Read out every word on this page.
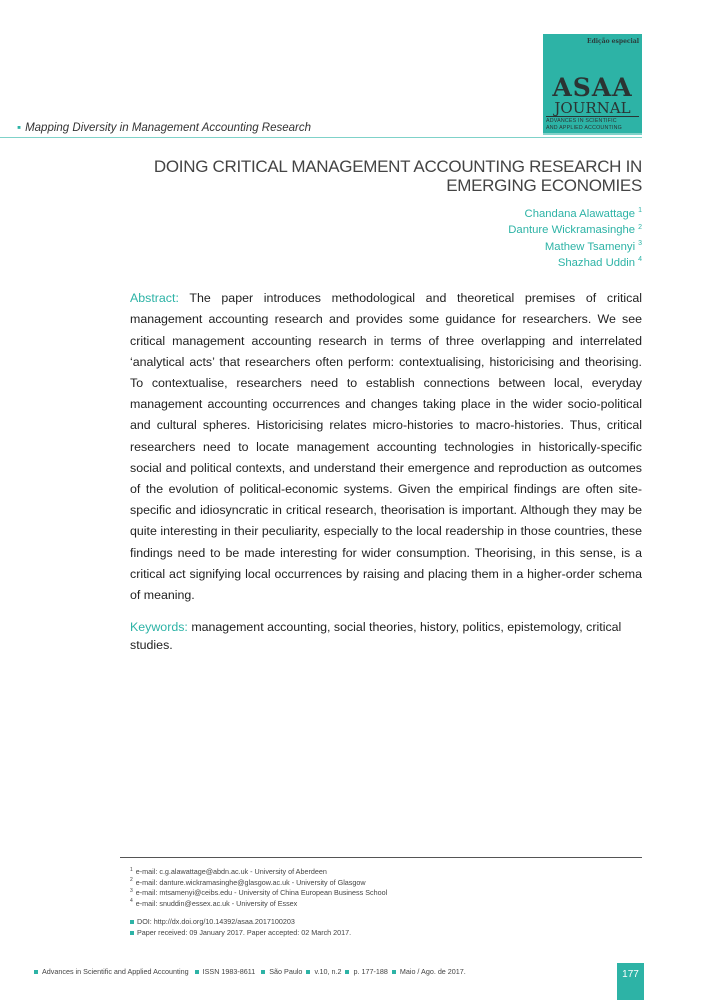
Edição especial
ASAA
JOURNAL
ADVANCES IN SCIENTIFIC
AND APPLIED ACCOUNTING
▪ Mapping Diversity in Management Accounting Research
DOING CRITICAL MANAGEMENT ACCOUNTING RESEARCH IN
EMERGING ECONOMIES
Chandana Alawattage $^1$
Danture Wickramasinghe $^2$
Mathew Tsamenyi $^3$
Shazhad Uddin $^4$
Abstract: The paper introduces methodological and theoretical premises of critical management accounting research and provides some guidance for researchers. We see critical management accounting research in terms of three overlapping and interrelated ‘analytical acts’ that researchers often perform: contextualising, historicising and theorising. To contextualise, researchers need to establish connections between local, everyday management accounting occurrences and changes taking place in the wider socio-political and cultural spheres. Historicising relates micro-histories to macro-histories. Thus, critical researchers need to locate management accounting technologies in historically-specific social and political contexts, and understand their emergence and reproduction as outcomes of the evolution of political-economic systems. Given the empirical findings are often site-specific and idiosyncratic in critical research, theorisation is important. Although they may be quite interesting in their peculiarity, especially to the local readership in those countries, these findings need to be made interesting for wider consumption. Theorising, in this sense, is a critical act signifying local occurrences by raising and placing them in a higher-order schema of meaning.
Keywords: management accounting, social theories, history, politics, epistemology, critical studies.
$^1$ e-mail: c.g.alawattage@abdn.ac.uk - University of Aberdeen
$^2$ e-mail: danture.wickramasinghe@glasgow.ac.uk - University of Glasgow
$^3$ e-mail: mtsamenyi@ceibs.edu - University of China European Business School
$^4$ e-mail: snuddin@essex.ac.uk - University of Essex
DOI: http://dx.doi.org/10.14392/asaa.2017100203
Paper received: 09 January 2017. Paper accepted: 02 March 2017.
Advances in Scientific and Applied Accounting ISSN 1983-8611 São Paulo v.10, n.2 p. 177-188 Maio / Ago. de 2017.	177
